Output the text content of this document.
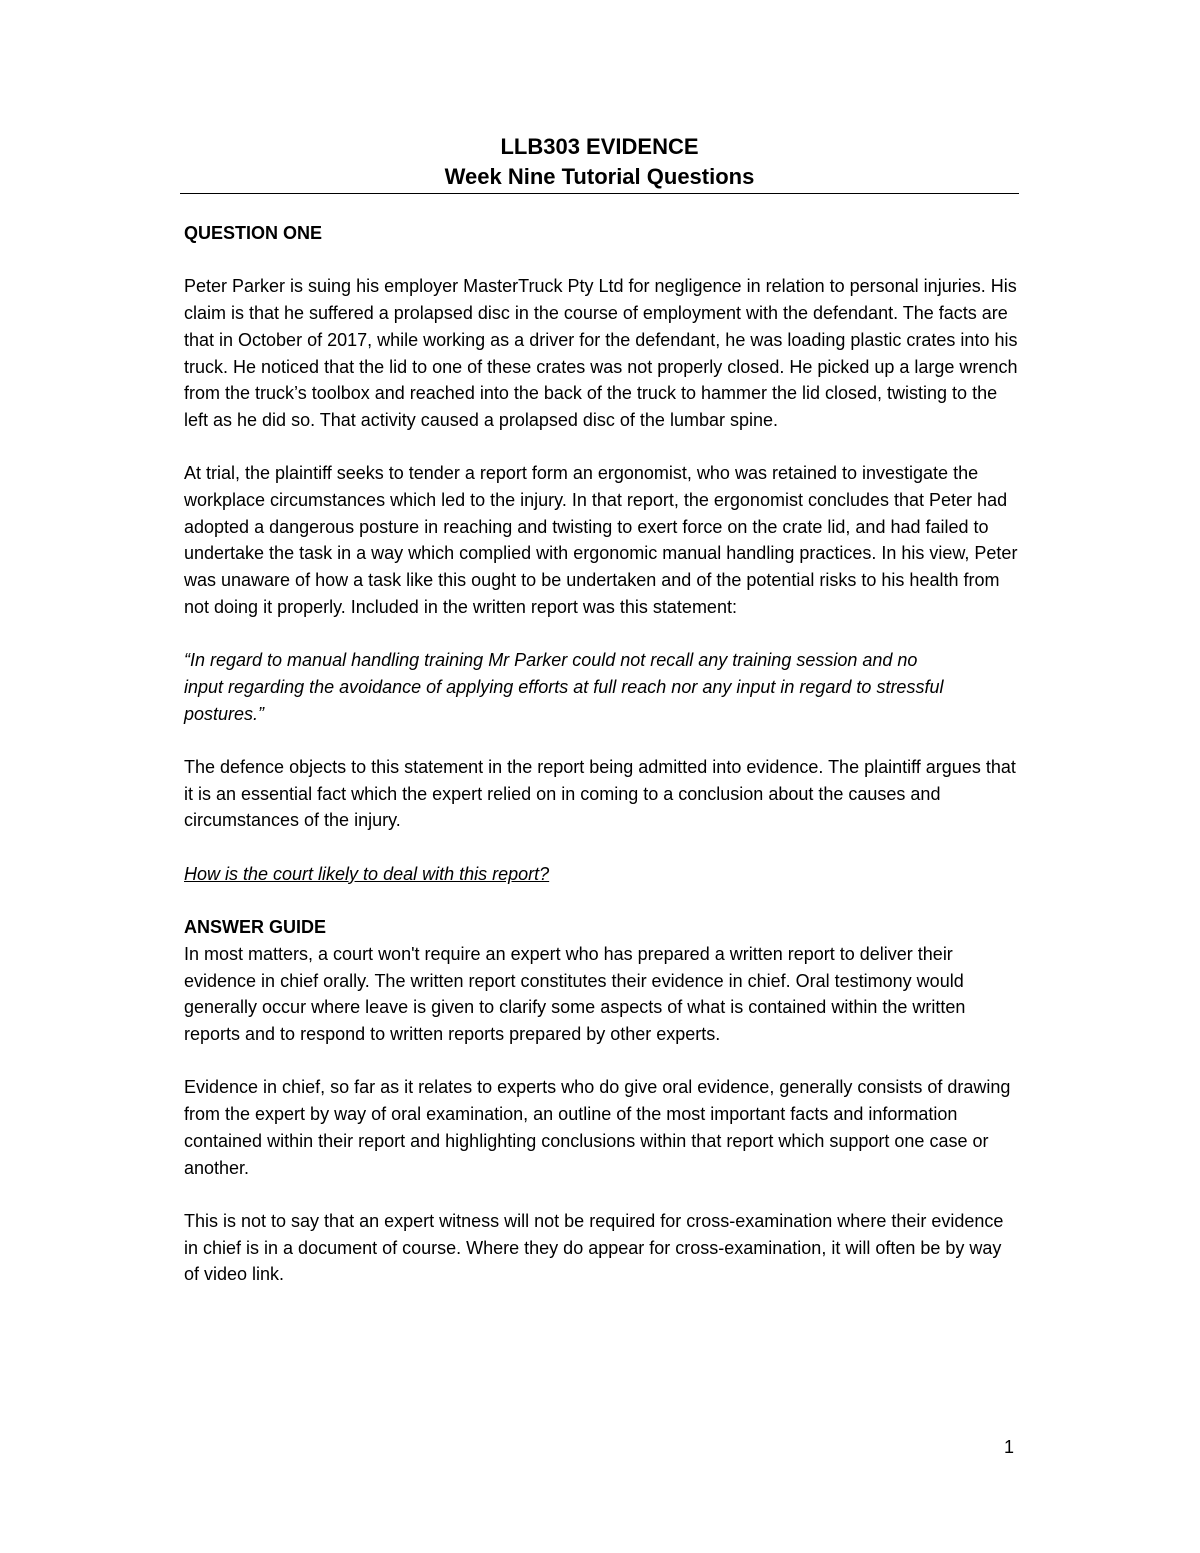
LLB303 EVIDENCE

Week Nine Tutorial Questions

QUESTION ONE

Peter Parker is suing his employer MasterTruck Pty Ltd for negligence in relation to personal injuries. His claim is that he suffered a prolapsed disc in the course of employment with the defendant. The facts are that in October of 2017, while working as a driver for the defendant, he was loading plastic crates into his truck. He noticed that the lid to one of these crates was not properly closed. He picked up a large wrench from the truck’s toolbox and reached into the back of the truck to hammer the lid closed, twisting to the left as he did so. That activity caused a prolapsed disc of the lumbar spine.

At trial, the plaintiff seeks to tender a report form an ergonomist, who was retained to investigate the workplace circumstances which led to the injury. In that report, the ergonomist concludes that Peter had adopted a dangerous posture in reaching and twisting to exert force on the crate lid, and had failed to undertake the task in a way which complied with ergonomic manual handling practices. In his view, Peter was unaware of how a task like this ought to be undertaken and of the potential risks to his health from not doing it properly. Included in the written report was this statement:

“In regard to manual handling training Mr Parker could not recall any training session and no input regarding the avoidance of applying efforts at full reach nor any input in regard to stressful postures.”

The defence objects to this statement in the report being admitted into evidence. The plaintiff argues that it is an essential fact which the expert relied on in coming to a conclusion about the causes and circumstances of the injury.

How is the court likely to deal with this report?

ANSWER GUIDE

In most matters, a court won't require an expert who has prepared a written report to deliver their evidence in chief orally. The written report constitutes their evidence in chief. Oral testimony would generally occur where leave is given to clarify some aspects of what is contained within the written reports and to respond to written reports prepared by other experts.

Evidence in chief, so far as it relates to experts who do give oral evidence, generally consists of drawing from the expert by way of oral examination, an outline of the most important facts and information contained within their report and highlighting conclusions within that report which support one case or another.

This is not to say that an expert witness will not be required for cross-examination where their evidence in chief is in a document of course. Where they do appear for cross-examination, it will often be by way of video link.

1
